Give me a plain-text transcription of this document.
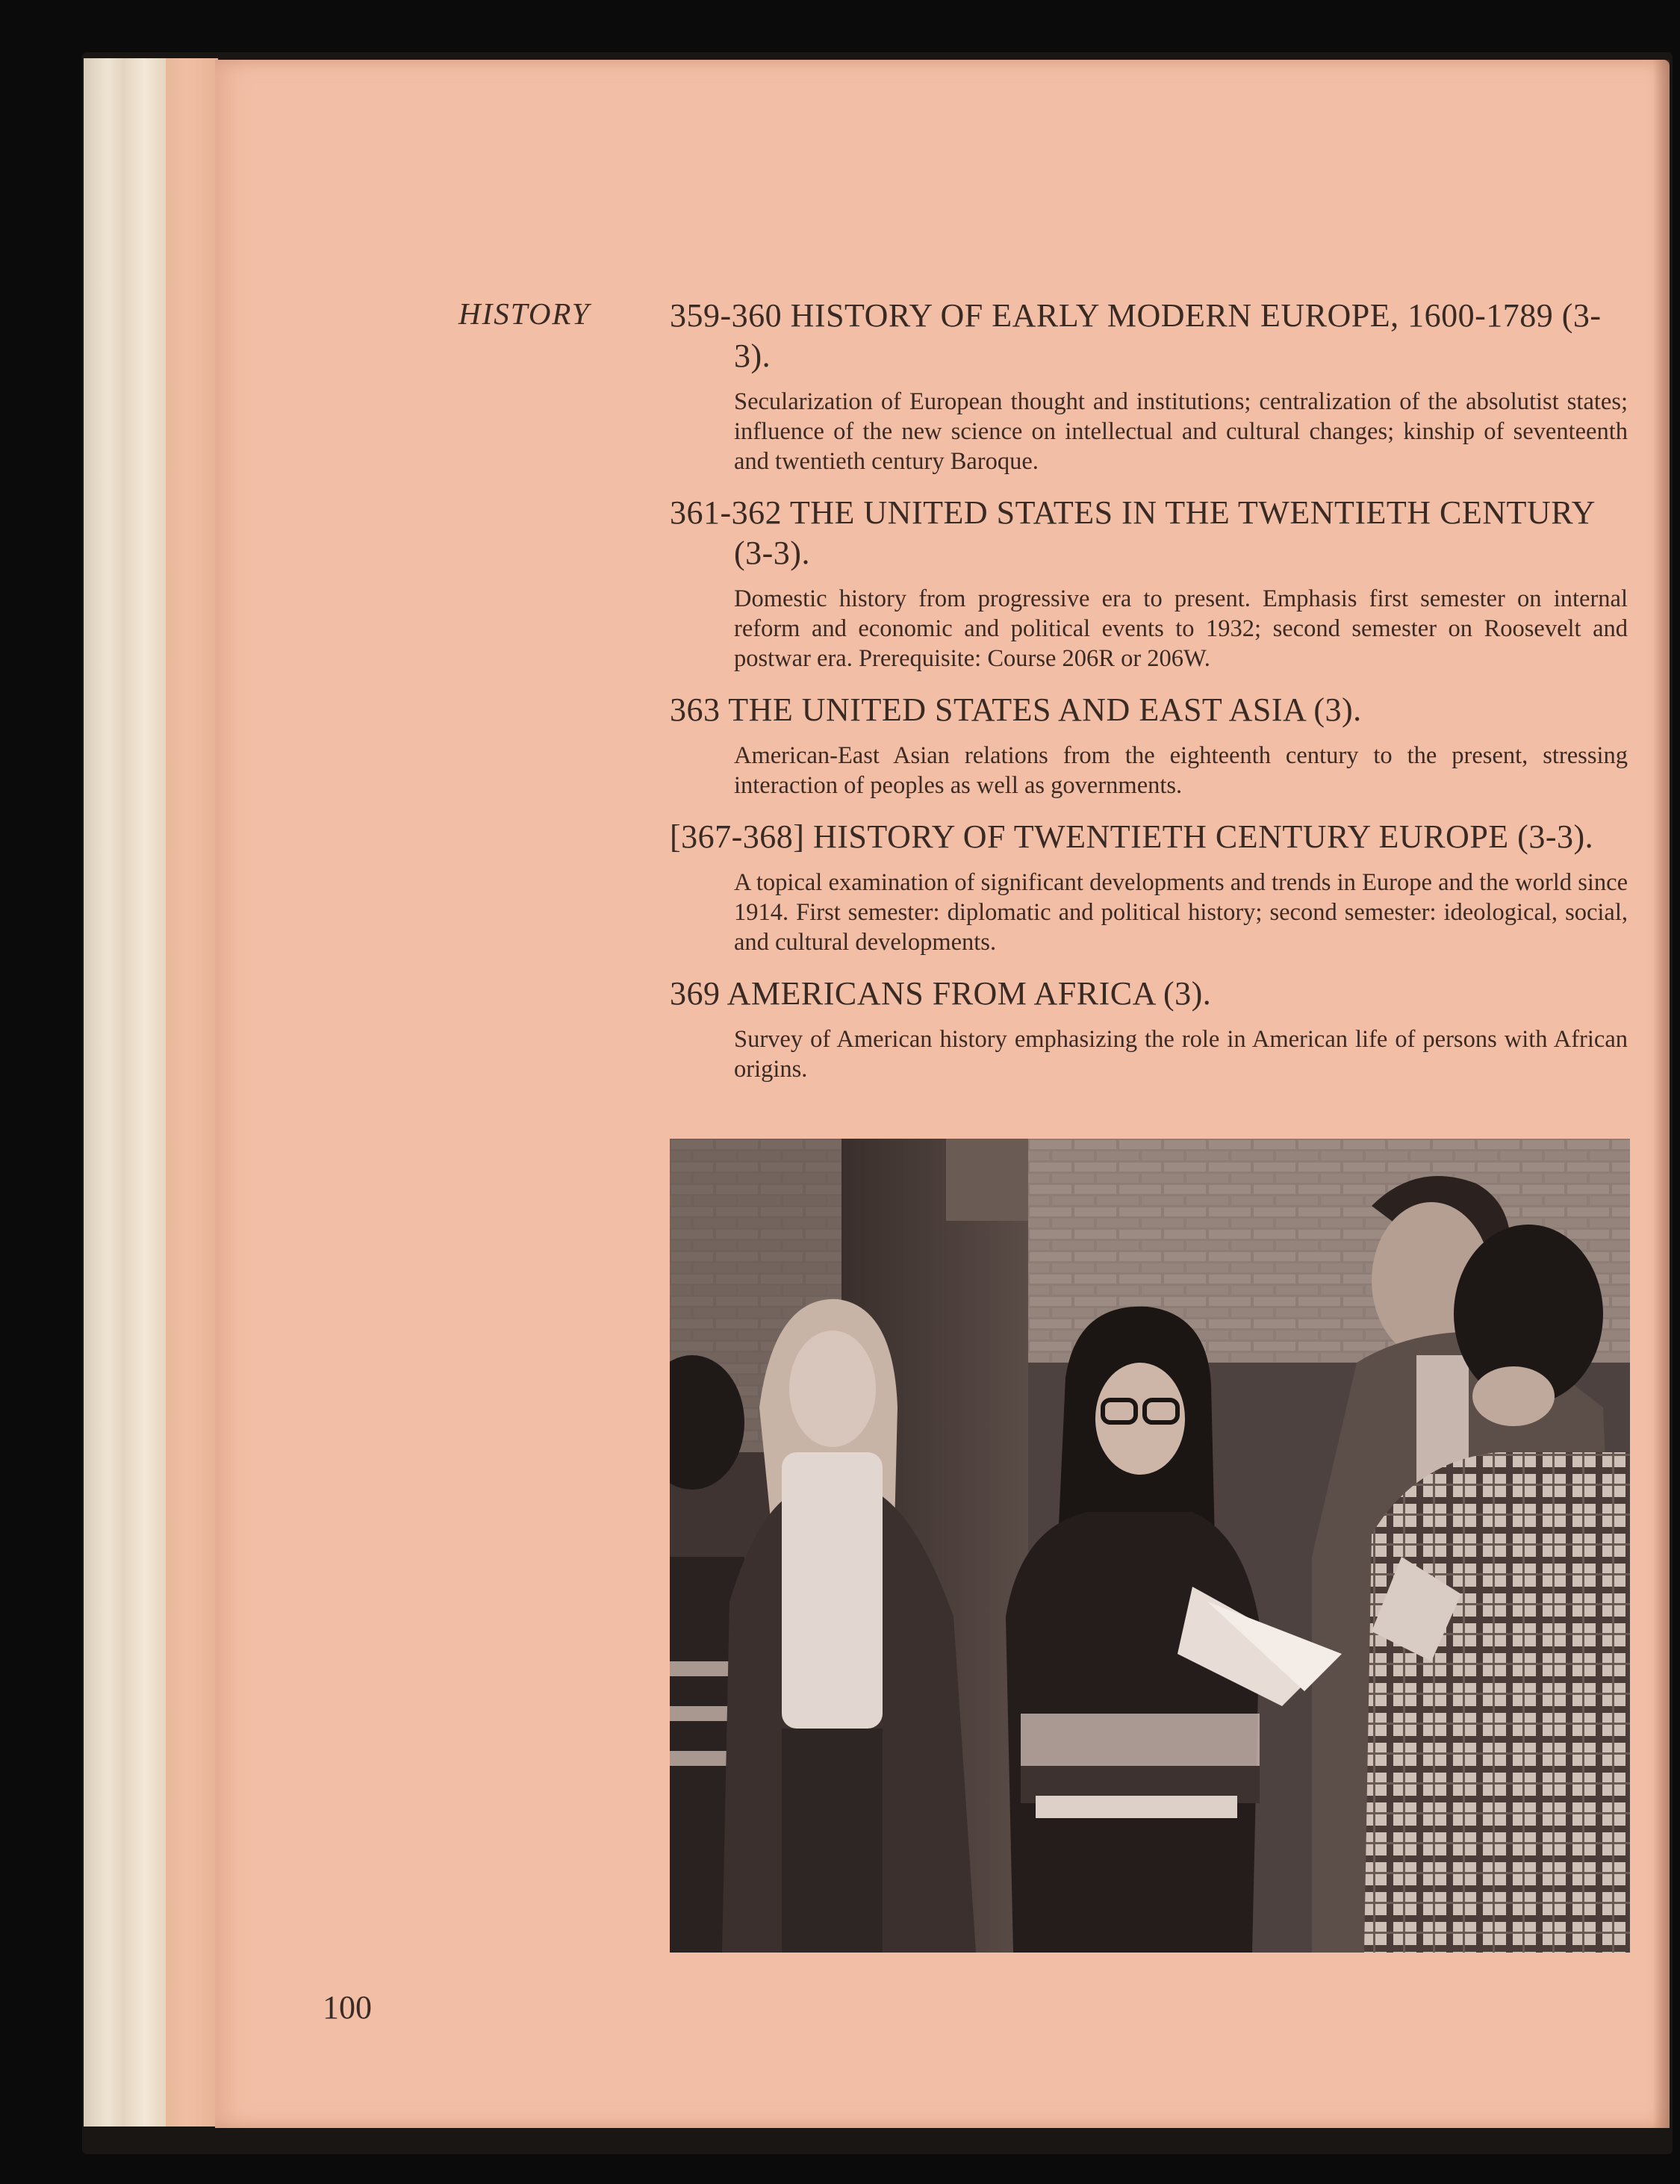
HISTORY 359-360 HISTORY OF EARLY MODERN EUROPE, 1600-1789 (3-3).
Secularization of European thought and institutions; centralization of the absolutist states; influence of the new science on intellectual and cultural changes; kinship of seventeenth and twentieth century Baroque.
361-362 THE UNITED STATES IN THE TWENTIETH CENTURY (3-3).
Domestic history from progressive era to present. Emphasis first semester on internal reform and economic and political events to 1932; second semester on Roosevelt and postwar era. Prerequisite: Course 206R or 206W.
363 THE UNITED STATES AND EAST ASIA (3).
American-East Asian relations from the eighteenth century to the present, stressing interaction of peoples as well as governments.
[367-368] HISTORY OF TWENTIETH CENTURY EUROPE (3-3).
A topical examination of significant developments and trends in Europe and the world since 1914. First semester: diplomatic and political history; second semester: ideological, social, and cultural developments.
369 AMERICANS FROM AFRICA (3).
Survey of American history emphasizing the role in American life of persons with African origins.
100
